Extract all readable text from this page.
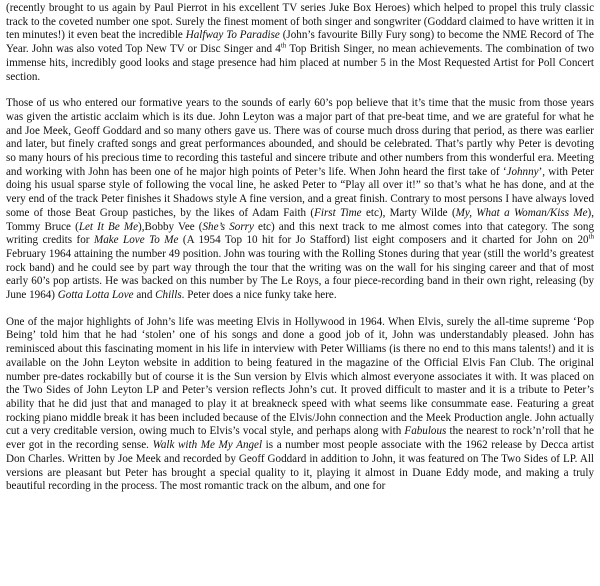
(recently brought to us again by Paul Pierrot in his excellent TV series Juke Box Heroes) which helped to propel this truly classic track to the coveted number one spot. Surely the finest moment of both singer and songwriter (Goddard claimed to have written it in ten minutes!) it even beat the incredible Halfway To Paradise (John’s favourite Billy Fury song) to become the NME Record of The Year. John was also voted Top New TV or Disc Singer and 4th Top British Singer, no mean achievements. The combination of two immense hits, incredibly good looks and stage presence had him placed at number 5 in the Most Requested Artist for Poll Concert section.

Those of us who entered our formative years to the sounds of early 60’s pop believe that it’s time that the music from those years was given the artistic acclaim which is its due. John Leyton was a major part of that pre-beat time, and we are grateful for what he and Joe Meek, Geoff Goddard and so many others gave us. There was of course much dross during that period, as there was earlier and later, but finely crafted songs and great performances abounded, and should be celebrated. That’s partly why Peter is devoting so many hours of his precious time to recording this tasteful and sincere tribute and other numbers from this wonderful era. Meeting and working with John has been one of he major high points of Peter’s life. When John heard the first take of ‘Johnny’, with Peter doing his usual sparse style of following the vocal line, he asked Peter to “Play all over it!” so that’s what he has done, and at the very end of the track Peter finishes it Shadows style A fine version, and a great finish. Contrary to most persons I have always loved some of those Beat Group pastiches, by the likes of Adam Faith (First Time etc), Marty Wilde (My, What a Woman/Kiss Me), Tommy Bruce (Let It Be Me),Bobby Vee (She’s Sorry etc) and this next track to me almost comes into that category. The song writing credits for Make Love To Me (A 1954 Top 10 hit for Jo Stafford) list eight composers and it charted for John on 20th February 1964 attaining the number 49 position. John was touring with the Rolling Stones during that year (still the world’s greatest rock band) and he could see by part way through the tour that the writing was on the wall for his singing career and that of most early 60’s pop artists. He was backed on this number by The Le Roys, a four piece-recording band in their own right, releasing (by June 1964) Gotta Lotta Love and Chills. Peter does a nice funky take here.

One of the major highlights of John’s life was meeting Elvis in Hollywood in 1964. When Elvis, surely the all-time supreme ‘Pop Being’ told him that he had ‘stolen’ one of his songs and done a good job of it, John was understandably pleased. John has reminisced about this fascinating moment in his life in interview with Peter Williams (is there no end to this mans talents!) and it is available on the John Leyton website in addition to being featured in the magazine of the Official Elvis Fan Club. The original number pre-dates rockabilly but of course it is the Sun version by Elvis which almost everyone associates it with. It was placed on the Two Sides of John Leyton LP and Peter’s version reflects John’s cut. It proved difficult to master and it is a tribute to Peter’s ability that he did just that and managed to play it at breakneck speed with what seems like consummate ease. Featuring a great rocking piano middle break it has been included because of the Elvis/John connection and the Meek Production angle. John actually cut a very creditable version, owing much to Elvis’s vocal style, and perhaps along with Fabulous the nearest to rock’n’roll that he ever got in the recording sense. Walk with Me My Angel is a number most people associate with the 1962 release by Decca artist Don Charles. Written by Joe Meek and recorded by Geoff Goddard in addition to John, it was featured on The Two Sides of LP. All versions are pleasant but Peter has brought a special quality to it, playing it almost in Duane Eddy mode, and making a truly beautiful recording in the process. The most romantic track on the album, and one for
